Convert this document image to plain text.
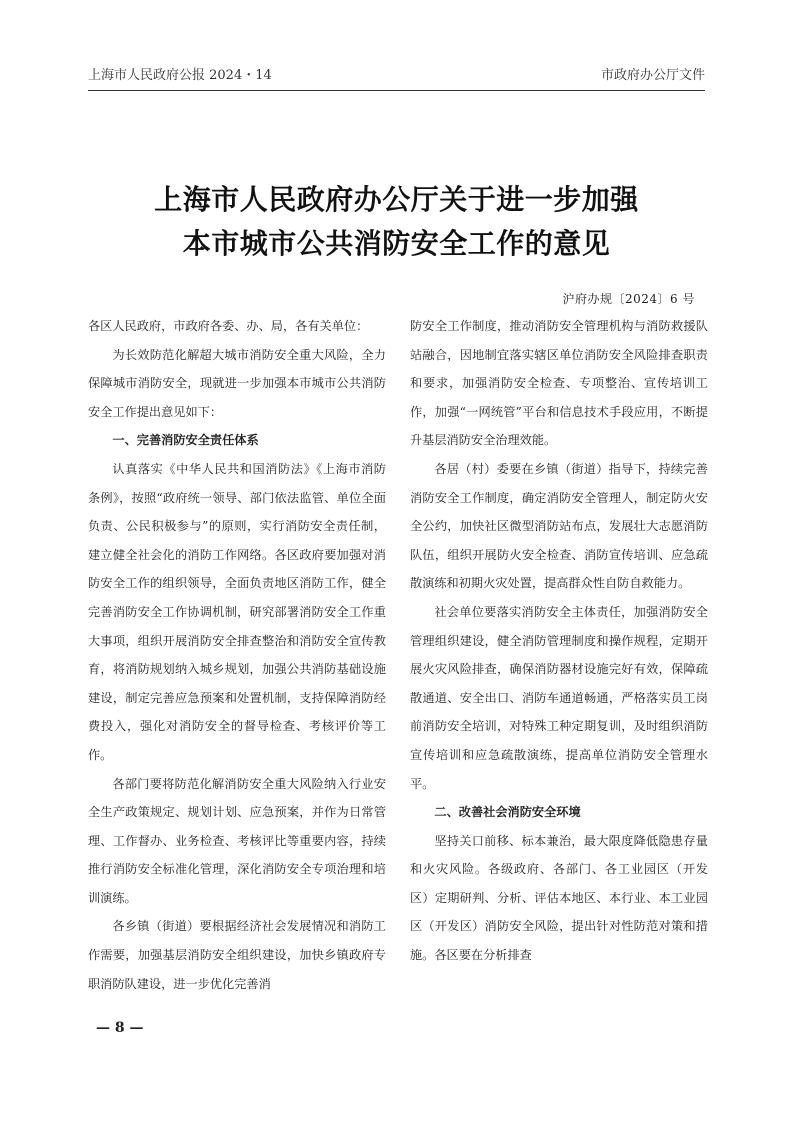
上海市人民政府公报 2024・14	市政府办公厅文件
上海市人民政府办公厅关于进一步加强
本市城市公共消防安全工作的意见
沪府办规〔2024〕6 号

各区人民政府，市政府各委、办、局，各有关单位：

为长效防范化解超大城市消防安全重大风险，全力保障城市消防安全，现就进一步加强本市城市公共消防安全工作提出意见如下：

一、完善消防安全责任体系

认真落实《中华人民共和国消防法》《上海市消防条例》，按照“政府统一领导、部门依法监管、单位全面负责、公民积极参与”的原则，实行消防安全责任制，建立健全社会化的消防工作网络。各区政府要加强对消防安全工作的组织领导，全面负责地区消防工作，健全完善消防安全工作协调机制，研究部署消防安全工作重大事项，组织开展消防安全排查整治和消防安全宣传教育，将消防规划纳入城乡规划，加强公共消防基础设施建设，制定完善应急预案和处置机制，支持保障消防经费投入，强化对消防安全的督导检查、考核评价等工作。

各部门要将防范化解消防安全重大风险纳入行业安全生产政策规定、规划计划、应急预案，并作为日常管理、工作督办、业务检查、考核评比等重要内容，持续推行消防安全标准化管理，深化消防安全专项治理和培训演练。

各乡镇（街道）要根据经济社会发展情况和消防工作需要，加强基层消防安全组织建设，加快乡镇政府专职消防队建设，进一步优化完善消

防安全工作制度，推动消防安全管理机构与消防救援队站融合，因地制宜落实辖区单位消防安全风险排查职责和要求，加强消防安全检查、专项整治、宣传培训工作，加强“一网统管”平台和信息技术手段应用，不断提升基层消防安全治理效能。

各居（村）委要在乡镇（街道）指导下，持续完善消防安全工作制度，确定消防安全管理人，制定防火安全公约，加快社区微型消防站布点，发展壮大志愿消防队伍，组织开展防火安全检查、消防宣传培训、应急疏散演练和初期火灾处置，提高群众性自防自救能力。

社会单位要落实消防安全主体责任，加强消防安全管理组织建设，健全消防管理制度和操作规程，定期开展火灾风险排查，确保消防器材设施完好有效，保障疏散通道、安全出口、消防车通道畅通，严格落实员工岗前消防安全培训，对特殊工种定期复训，及时组织消防宣传培训和应急疏散演练，提高单位消防安全管理水平。

二、改善社会消防安全环境

坚持关口前移、标本兼治，最大限度降低隐患存量和火灾风险。各级政府、各部门、各工业园区（开发区）定期研判、分析、评估本地区、本行业、本工业园区（开发区）消防安全风险，提出针对性防范对策和措施。各区要在分析排查

— 8 —
